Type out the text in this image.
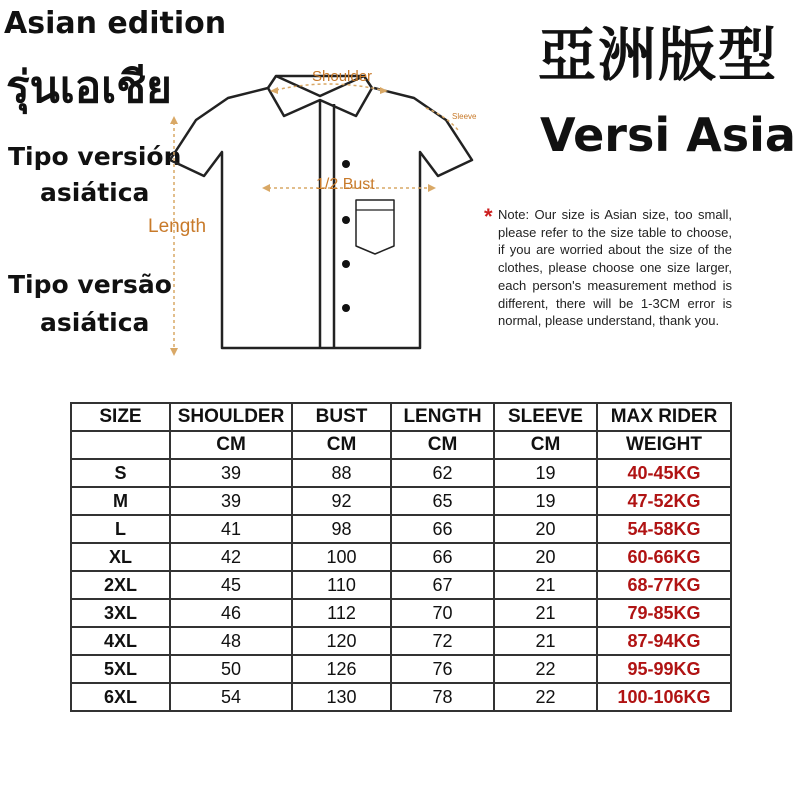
Asian edition
รุ่นเอเชีย
Tipo versión
asiática
Tipo versão
asiática
亞洲版型
Versi Asia
Shoulder
Sleeve
1/2 Bust
Length	* Note: Our size is Asian size, too small, please refer to the size table to choose, if you are worried about the size of the clothes, please choose one size larger, each person's measurement method is different, there will be 1-3CM error is normal, please understand, thank you.
SIZE	SHOULDER	BUST	LENGTH	SLEEVE	MAX RIDER
	CM	CM	CM	CM	WEIGHT
S	39	88	62	19	40-45KG
M	39	92	65	19	47-52KG
L	41	98	66	20	54-58KG
XL	42	100	66	20	60-66KG
2XL	45	110	67	21	68-77KG
3XL	46	112	70	21	79-85KG
4XL	48	120	72	21	87-94KG
5XL	50	126	76	22	95-99KG
6XL	54	130	78	22	100-106KG
